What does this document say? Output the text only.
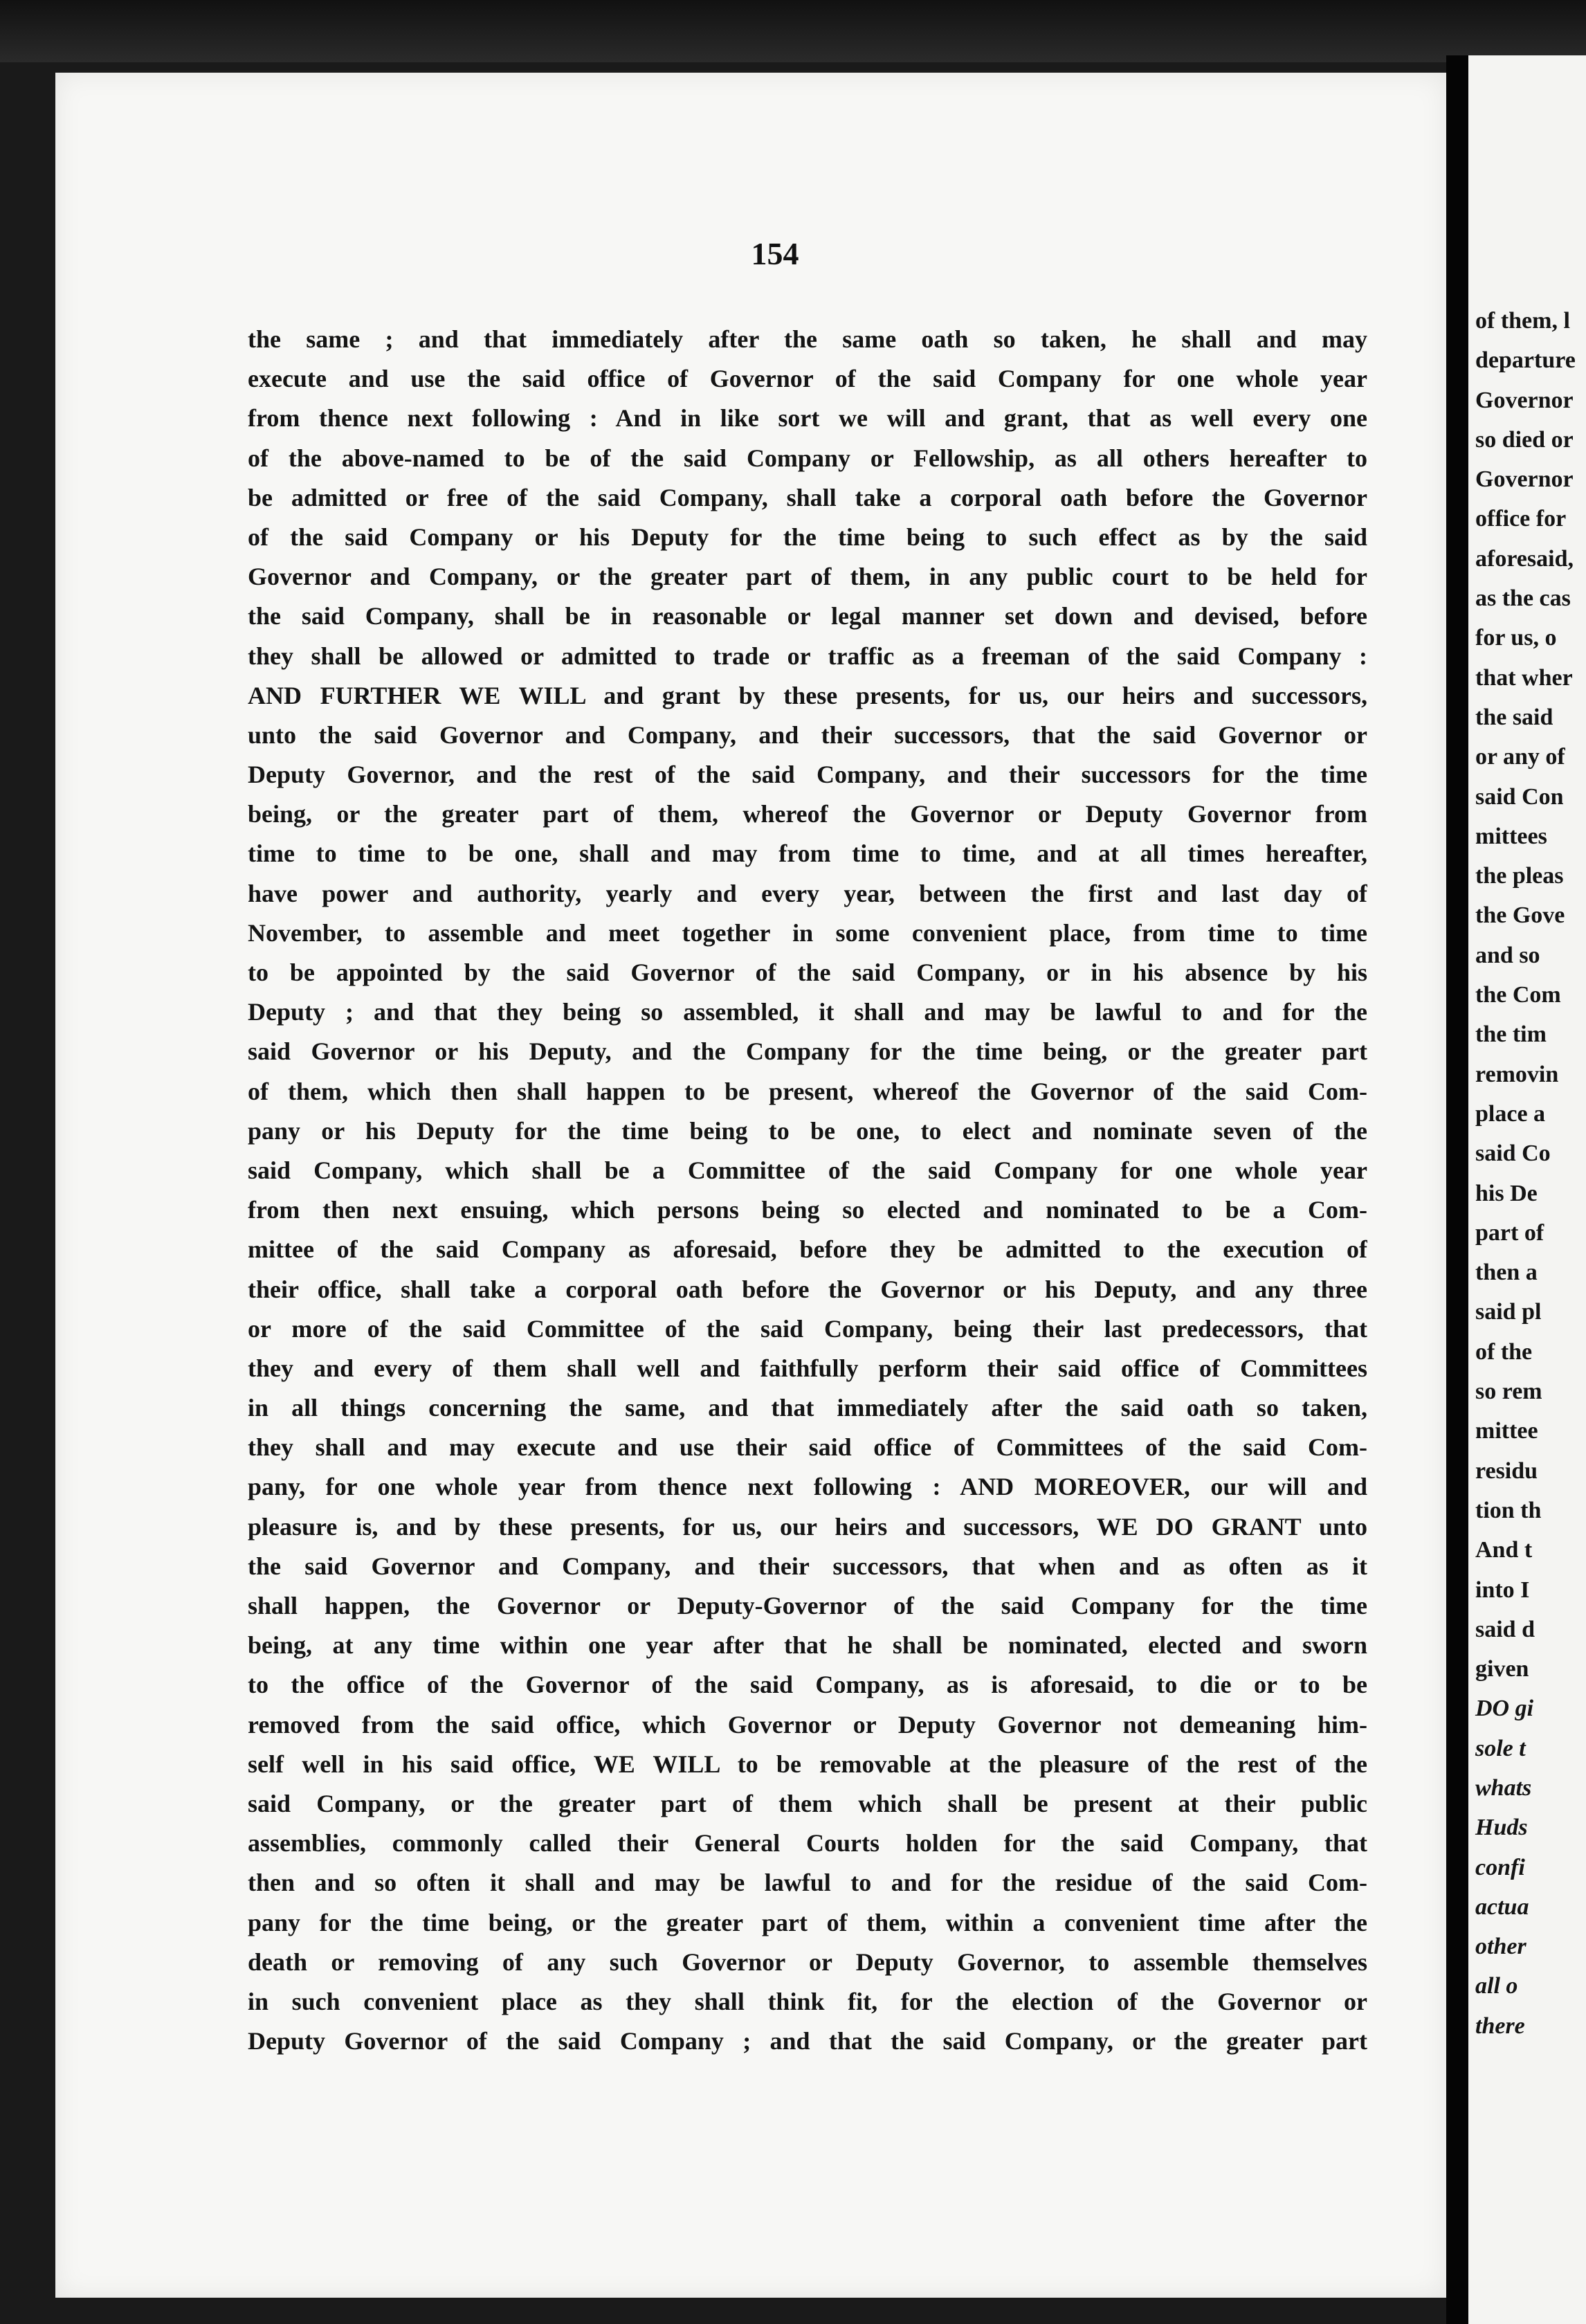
154
the same ; and that immediately after the same oath so taken, he shall and may
execute and use the said office of Governor of the said Company for one whole year
from thence next following : And in like sort we will and grant, that as well every one
of the above-named to be of the said Company or Fellowship, as all others hereafter to
be admitted or free of the said Company, shall take a corporal oath before the Governor
of the said Company or his Deputy for the time being to such effect as by the said
Governor and Company, or the greater part of them, in any public court to be held for
the said Company, shall be in reasonable or legal manner set down and devised, before
they shall be allowed or admitted to trade or traffic as a freeman of the said Company :
AND FURTHER WE WILL and grant by these presents, for us, our heirs and successors,
unto the said Governor and Company, and their successors, that the said Governor or
Deputy Governor, and the rest of the said Company, and their successors for the time
being, or the greater part of them, whereof the Governor or Deputy Governor from
time to time to be one, shall and may from time to time, and at all times hereafter,
have power and authority, yearly and every year, between the first and last day of
November, to assemble and meet together in some convenient place, from time to time
to be appointed by the said Governor of the said Company, or in his absence by his
Deputy ; and that they being so assembled, it shall and may be lawful to and for the
said Governor or his Deputy, and the Company for the time being, or the greater part
of them, which then shall happen to be present, whereof the Governor of the said Com-
pany or his Deputy for the time being to be one, to elect and nominate seven of the
said Company, which shall be a Committee of the said Company for one whole year
from then next ensuing, which persons being so elected and nominated to be a Com-
mittee of the said Company as aforesaid, before they be admitted to the execution of
their office, shall take a corporal oath before the Governor or his Deputy, and any three
or more of the said Committee of the said Company, being their last predecessors, that
they and every of them shall well and faithfully perform their said office of Committees
in all things concerning the same, and that immediately after the said oath so taken,
they shall and may execute and use their said office of Committees of the said Com-
pany, for one whole year from thence next following : AND MOREOVER, our will and
pleasure is, and by these presents, for us, our heirs and successors, WE DO GRANT unto
the said Governor and Company, and their successors, that when and as often as it
shall happen, the Governor or Deputy-Governor of the said Company for the time
being, at any time within one year after that he shall be nominated, elected and sworn
to the office of the Governor of the said Company, as is aforesaid, to die or to be
removed from the said office, which Governor or Deputy Governor not demeaning him-
self well in his said office, WE WILL to be removable at the pleasure of the rest of the
said Company, or the greater part of them which shall be present at their public
assemblies, commonly called their General Courts holden for the said Company, that
then and so often it shall and may be lawful to and for the residue of the said Com-
pany for the time being, or the greater part of them, within a convenient time after the
death or removing of any such Governor or Deputy Governor, to assemble themselves
in such convenient place as they shall think fit, for the election of the Governor or
Deputy Governor of the said Company ; and that the said Company, or the greater part
of them, l
departure
Governor
so died or
Governor
office for
aforesaid,
as the cas
for us, o
that wher
the said
or any of
said Con
mittees
the pleas
the Gove
and so
the Com
the tim
removin
place a
said Co
his De
part of
then a
said pl
of the
so rem
mittee
residu
tion th
And t
into I
said d
given
DO gi
sole t
whats
Huds
confi
actua
other
all o
there
